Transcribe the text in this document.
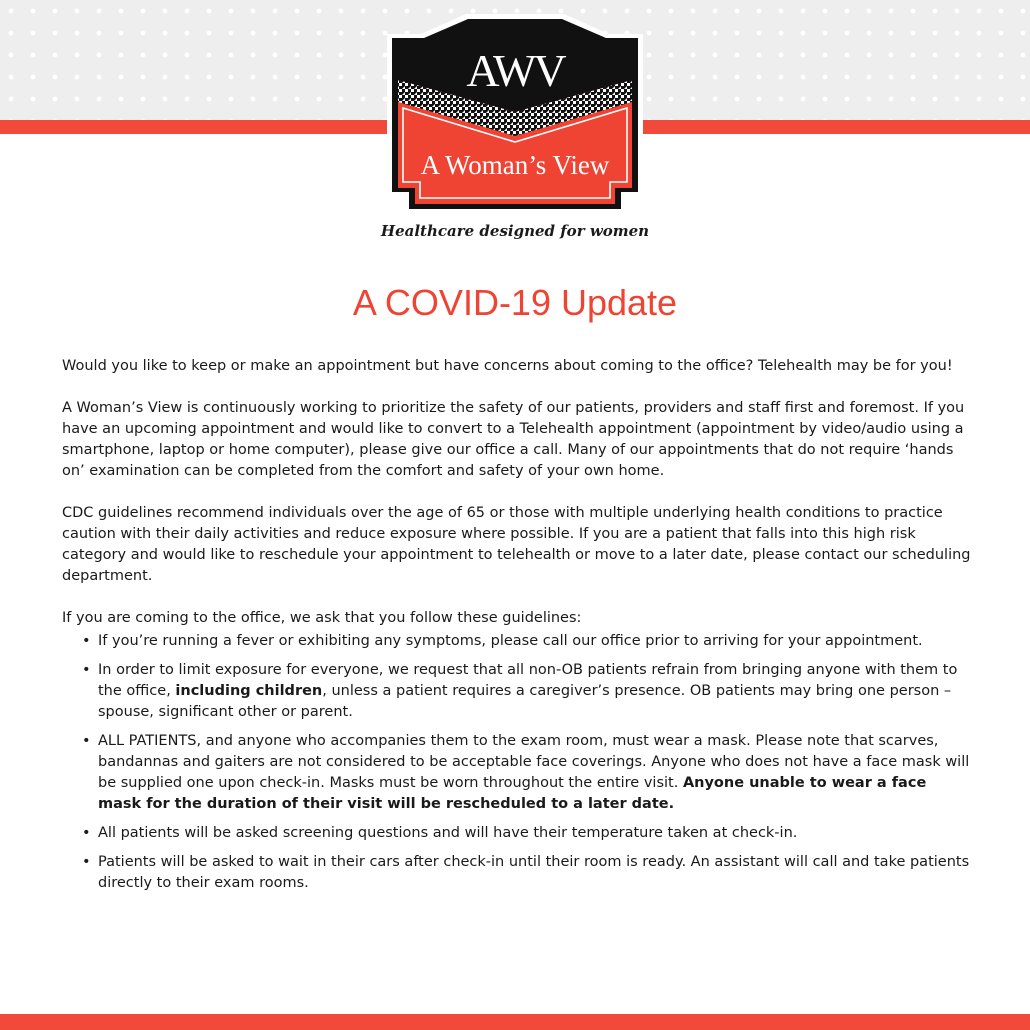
AWV
A Woman’s View
Healthcare designed for women
A COVID-19 Update

Would you like to keep or make an appointment but have concerns about coming to the office? Telehealth may be for you!

A Woman’s View is continuously working to prioritize the safety of our patients, providers and staff first and foremost. If you have an upcoming appointment and would like to convert to a Telehealth appointment (appointment by video/audio using a smartphone, laptop or home computer), please give our office a call. Many of our appointments that do not require ‘hands on’ examination can be completed from the comfort and safety of your own home.

CDC guidelines recommend individuals over the age of 65 or those with multiple underlying health conditions to practice caution with their daily activities and reduce exposure where possible. If you are a patient that falls into this high risk category and would like to reschedule your appointment to telehealth or move to a later date, please contact our scheduling department.

If you are coming to the office, we ask that you follow these guidelines:

• If you’re running a fever or exhibiting any symptoms, please call our office prior to arriving for your appointment.
• In order to limit exposure for everyone, we request that all non-OB patients refrain from bringing anyone with them to the office, including children, unless a patient requires a caregiver’s presence. OB patients may bring one person – spouse, significant other or parent.
• ALL PATIENTS, and anyone who accompanies them to the exam room, must wear a mask. Please note that scarves, bandannas and gaiters are not considered to be acceptable face coverings. Anyone who does not have a face mask will be supplied one upon check-in. Masks must be worn throughout the entire visit. Anyone unable to wear a face mask for the duration of their visit will be rescheduled to a later date.
• All patients will be asked screening questions and will have their temperature taken at check-in.
• Patients will be asked to wait in their cars after check-in until their room is ready. An assistant will call and take patients directly to their exam rooms.
